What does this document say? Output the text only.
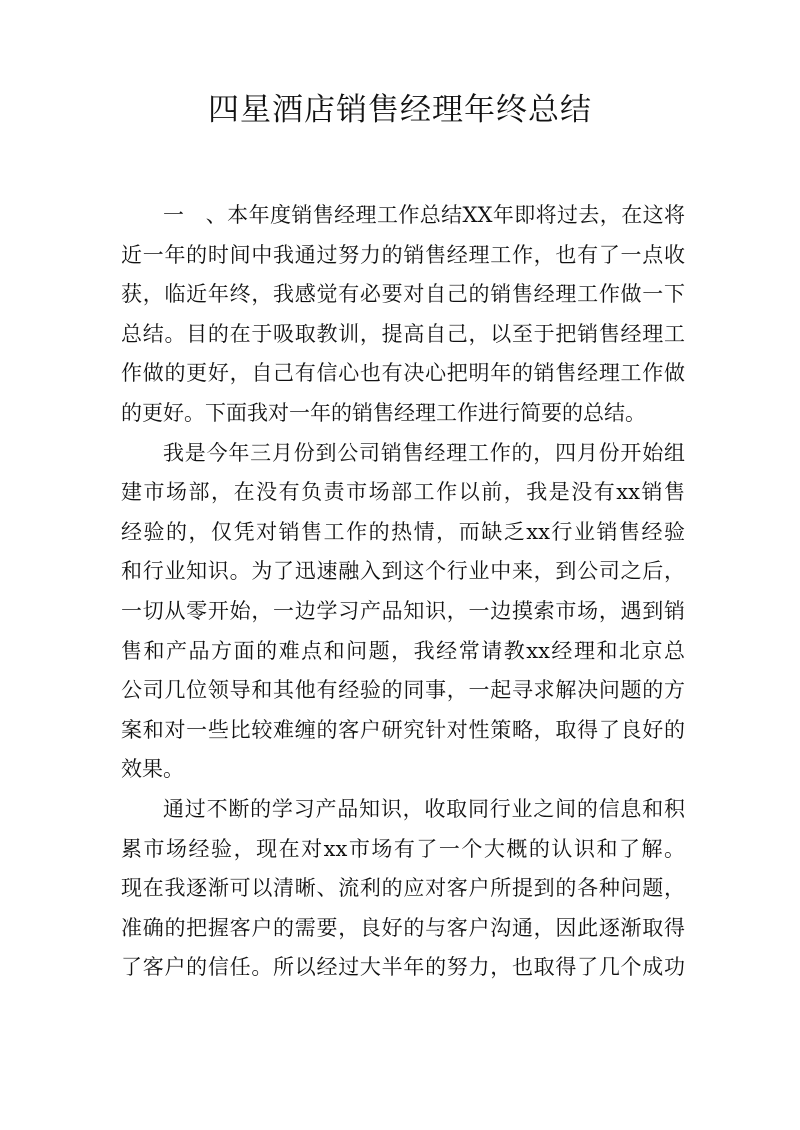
四星酒店销售经理年终总结

一　、本年度销售经理工作总结XX年即将过去，在这将
近一年的时间中我通过努力的销售经理工作，也有了一点收
获，临近年终，我感觉有必要对自己的销售经理工作做一下
总结。目的在于吸取教训，提高自己，以至于把销售经理工
作做的更好，自己有信心也有决心把明年的销售经理工作做
的更好。下面我对一年的销售经理工作进行简要的总结。

我是今年三月份到公司销售经理工作的，四月份开始组
建市场部，在没有负责市场部工作以前，我是没有xx销售
经验的，仅凭对销售工作的热情，而缺乏xx行业销售经验
和行业知识。为了迅速融入到这个行业中来，到公司之后，
一切从零开始，一边学习产品知识，一边摸索市场，遇到销
售和产品方面的难点和问题，我经常请教xx经理和北京总
公司几位领导和其他有经验的同事，一起寻求解决问题的方
案和对一些比较难缠的客户研究针对性策略，取得了良好的
效果。

通过不断的学习产品知识，收取同行业之间的信息和积
累市场经验，现在对xx市场有了一个大概的认识和了解。
现在我逐渐可以清晰、流利的应对客户所提到的各种问题，
准确的把握客户的需要，良好的与客户沟通，因此逐渐取得
了客户的信任。所以经过大半年的努力，也取得了几个成功
